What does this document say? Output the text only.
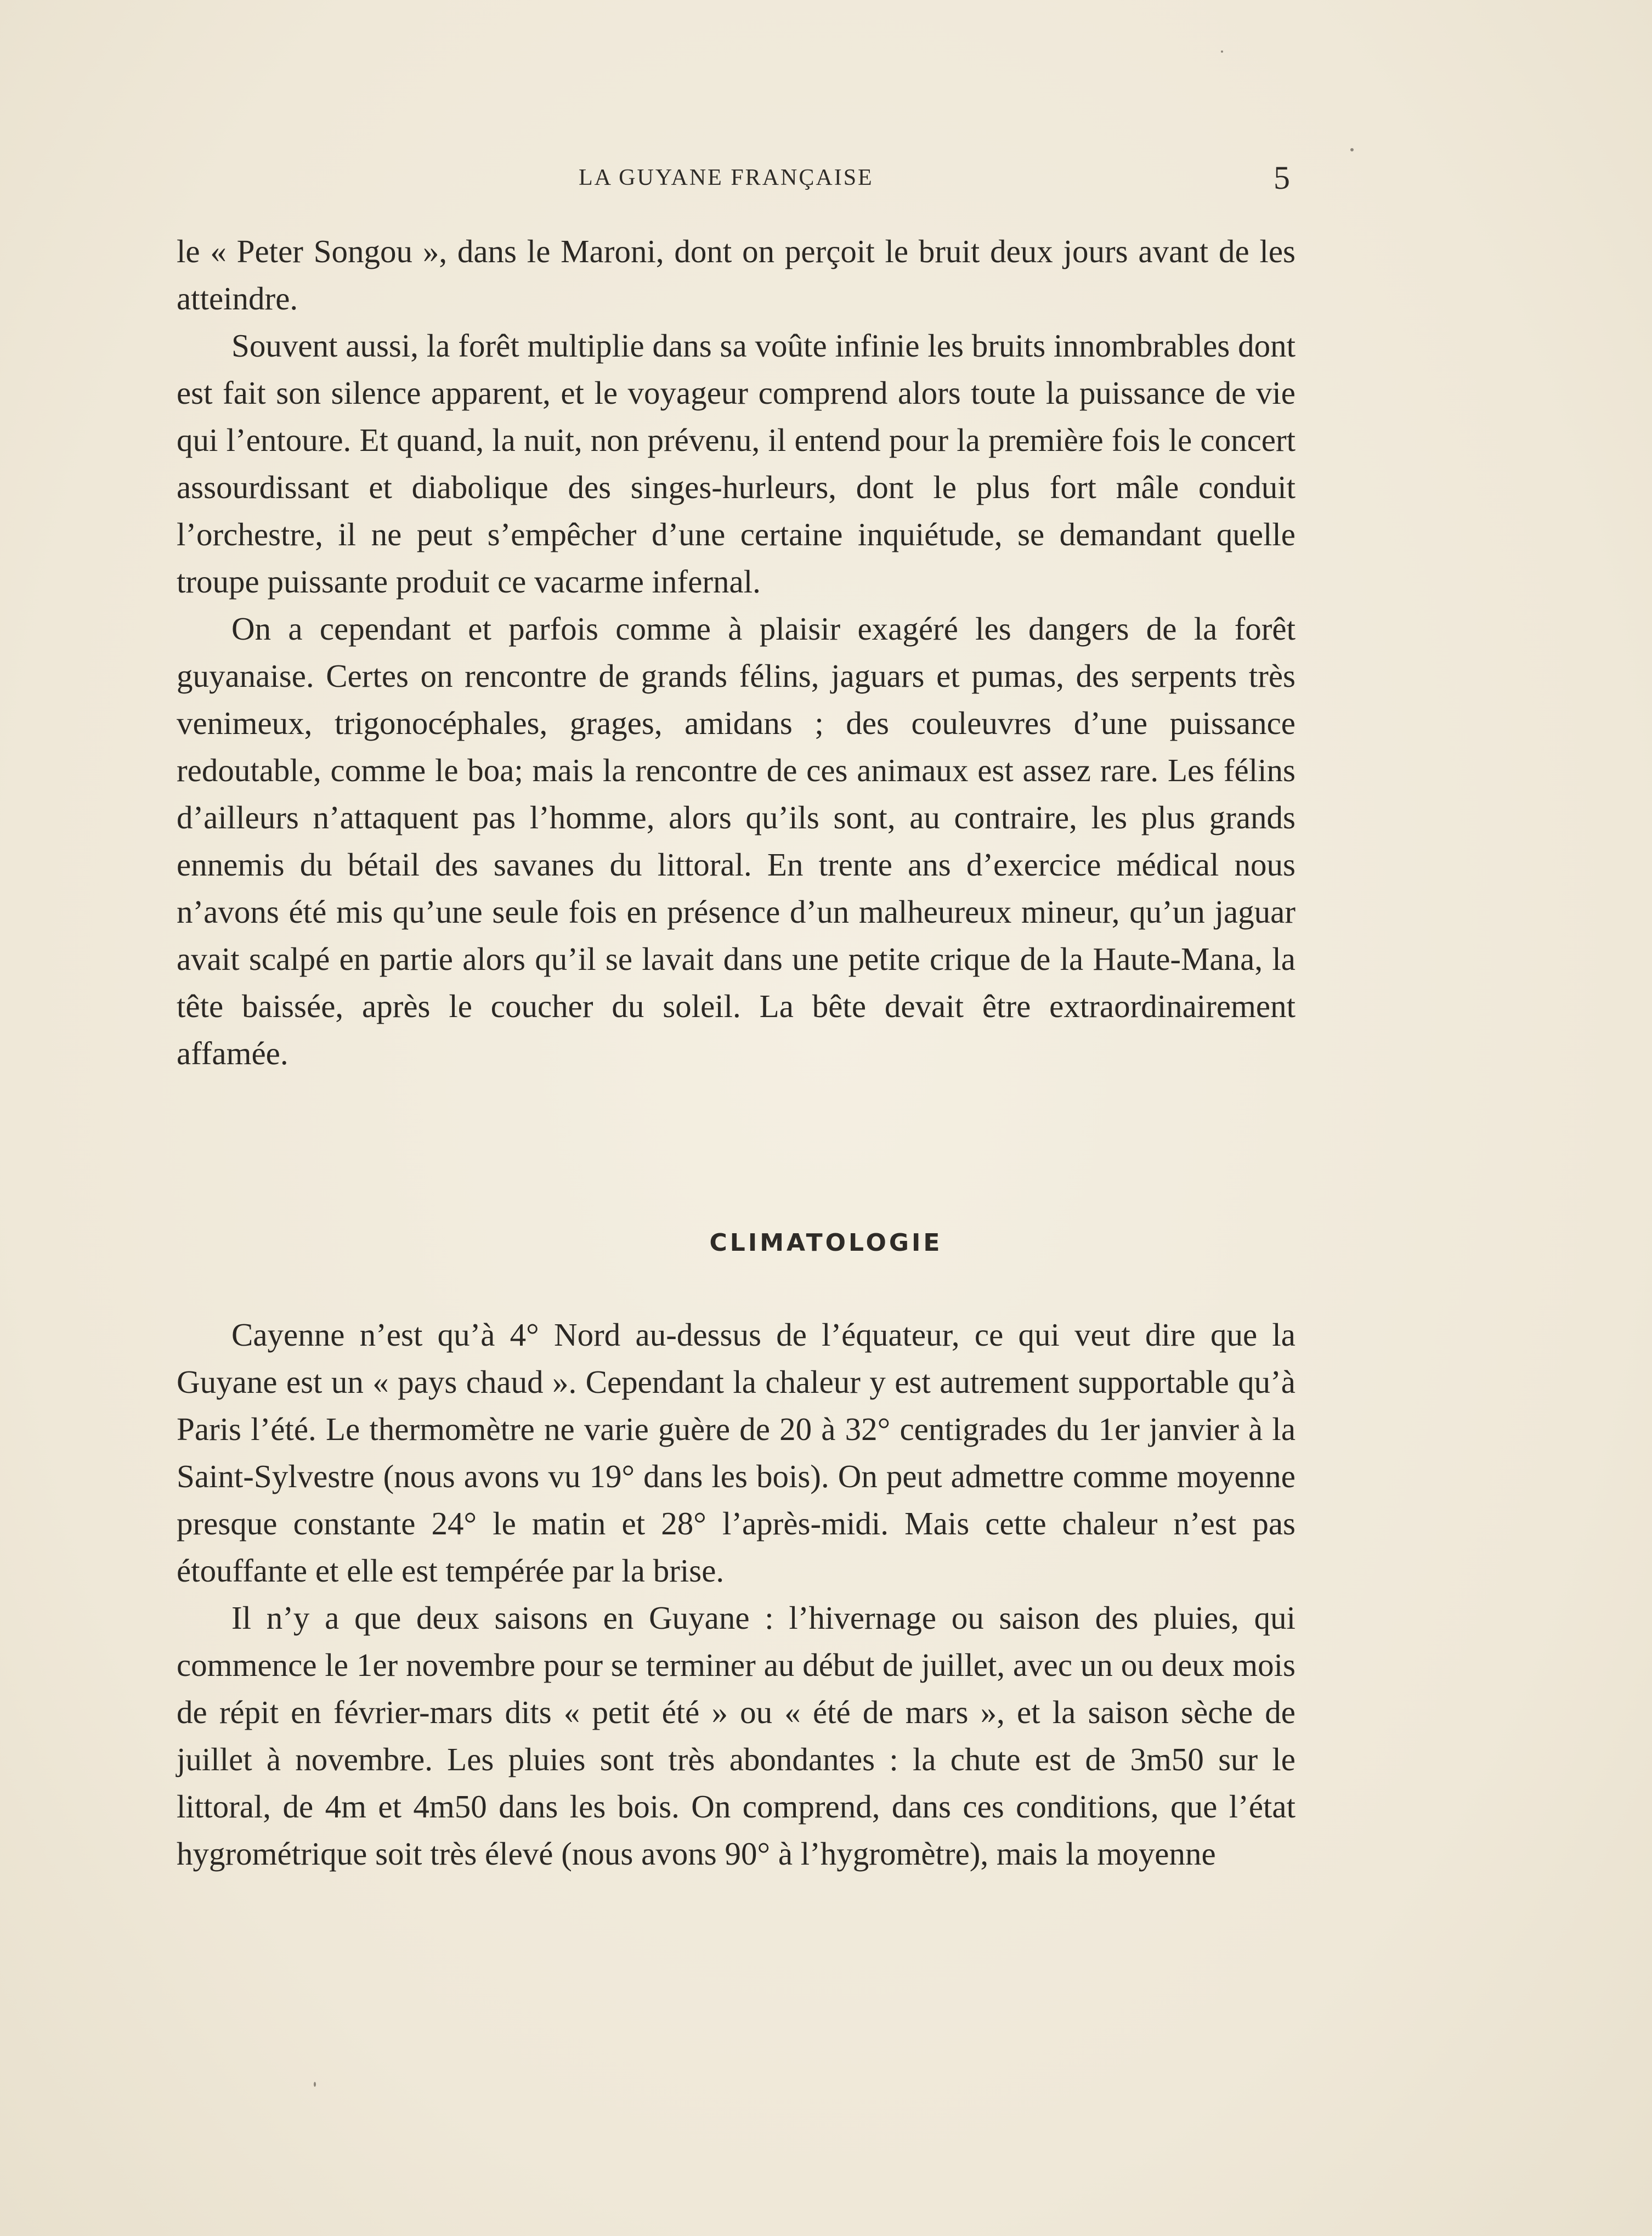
LA GUYANE FRANÇAISE	5

le « Peter Songou », dans le Maroni, dont on perçoit le bruit deux jours avant de les atteindre.

Souvent aussi, la forêt multiplie dans sa voûte infinie les bruits innombrables dont est fait son silence apparent, et le voyageur comprend alors toute la puissance de vie qui l’entoure. Et quand, la nuit, non prévenu, il entend pour la première fois le concert assourdissant et diabolique des singes-hurleurs, dont le plus fort mâle conduit l’orchestre, il ne peut s’empêcher d’une certaine inquiétude, se demandant quelle troupe puissante produit ce vacarme infernal.

On a cependant et parfois comme à plaisir exagéré les dangers de la forêt guyanaise. Certes on rencontre de grands félins, jaguars et pumas, des serpents très venimeux, trigonocéphales, grages, amidans ; des couleuvres d’une puissance redoutable, comme le boa; mais la rencontre de ces animaux est assez rare. Les félins d’ailleurs n’attaquent pas l’homme, alors qu’ils sont, au contraire, les plus grands ennemis du bétail des savanes du littoral. En trente ans d’exercice médical nous n’avons été mis qu’une seule fois en présence d’un malheureux mineur, qu’un jaguar avait scalpé en partie alors qu’il se lavait dans une petite crique de la Haute-Mana, la tête baissée, après le coucher du soleil. La bête devait être extraordinairement affamée.

CLIMATOLOGIE

Cayenne n’est qu’à 4° Nord au-dessus de l’équateur, ce qui veut dire que la Guyane est un « pays chaud ». Cependant la chaleur y est autrement supportable qu’à Paris l’été. Le thermomètre ne varie guère de 20 à 32° centigrades du 1er janvier à la Saint-Sylvestre (nous avons vu 19° dans les bois). On peut admettre comme moyenne presque constante 24° le matin et 28° l’après-midi. Mais cette chaleur n’est pas étouffante et elle est tempérée par la brise.

Il n’y a que deux saisons en Guyane : l’hivernage ou saison des pluies, qui commence le 1er novembre pour se terminer au début de juillet, avec un ou deux mois de répit en février-mars dits « petit été » ou « été de mars », et la saison sèche de juillet à novembre. Les pluies sont très abondantes : la chute est de 3m50 sur le littoral, de 4m et 4m50 dans les bois. On comprend, dans ces conditions, que l’état hygrométrique soit très élevé (nous avons 90° à l’hygromètre), mais la moyenne
